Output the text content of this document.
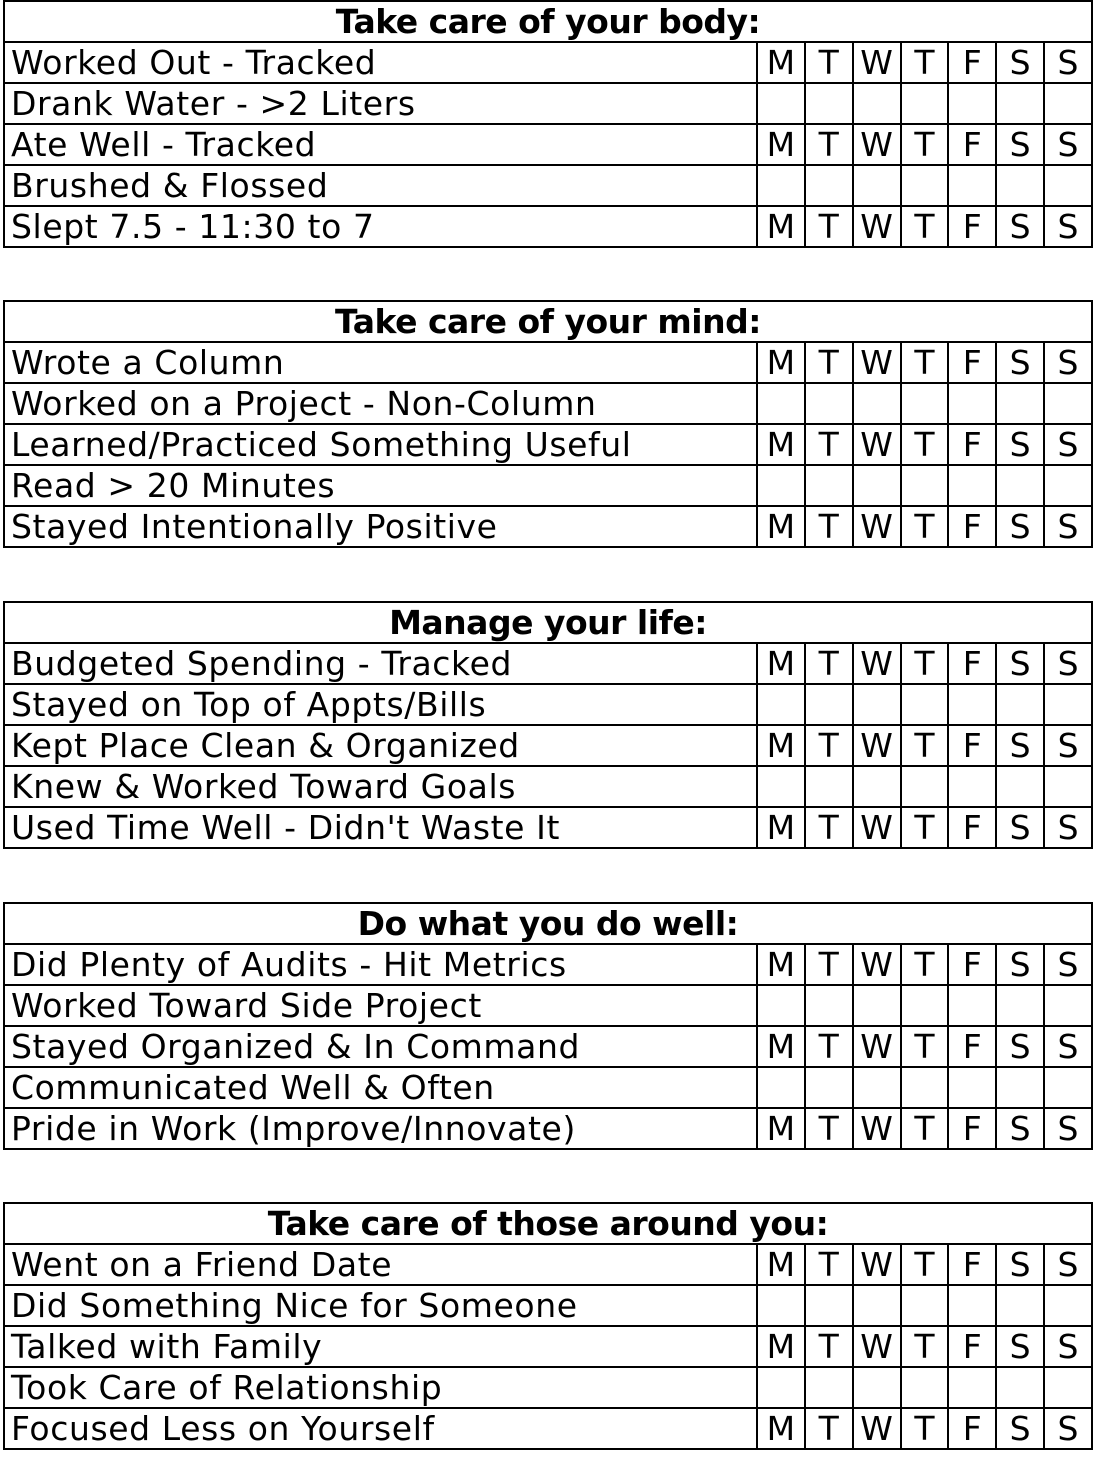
Take care of your body:							
Worked Out - Tracked	M	T	W	T	F	S	S
Drank Water - >2 Liters							
Ate Well - Tracked	M	T	W	T	F	S	S
Brushed & Flossed							
Slept 7.5 - 11:30 to 7	M	T	W	T	F	S	S
Take care of your mind:							
Wrote a Column	M	T	W	T	F	S	S
Worked on a Project - Non-Column							
Learned/Practiced Something Useful	M	T	W	T	F	S	S
Read > 20 Minutes							
Stayed Intentionally Positive	M	T	W	T	F	S	S
Manage your life:							
Budgeted Spending - Tracked	M	T	W	T	F	S	S
Stayed on Top of Appts/Bills							
Kept Place Clean & Organized	M	T	W	T	F	S	S
Knew & Worked Toward Goals							
Used Time Well - Didn't Waste It	M	T	W	T	F	S	S
Do what you do well:							
Did Plenty of Audits - Hit Metrics	M	T	W	T	F	S	S
Worked Toward Side Project							
Stayed Organized & In Command	M	T	W	T	F	S	S
Communicated Well & Often							
Pride in Work (Improve/Innovate)	M	T	W	T	F	S	S
Take care of those around you:							
Went on a Friend Date	M	T	W	T	F	S	S
Did Something Nice for Someone							
Talked with Family	M	T	W	T	F	S	S
Took Care of Relationship							
Focused Less on Yourself	M	T	W	T	F	S	S
